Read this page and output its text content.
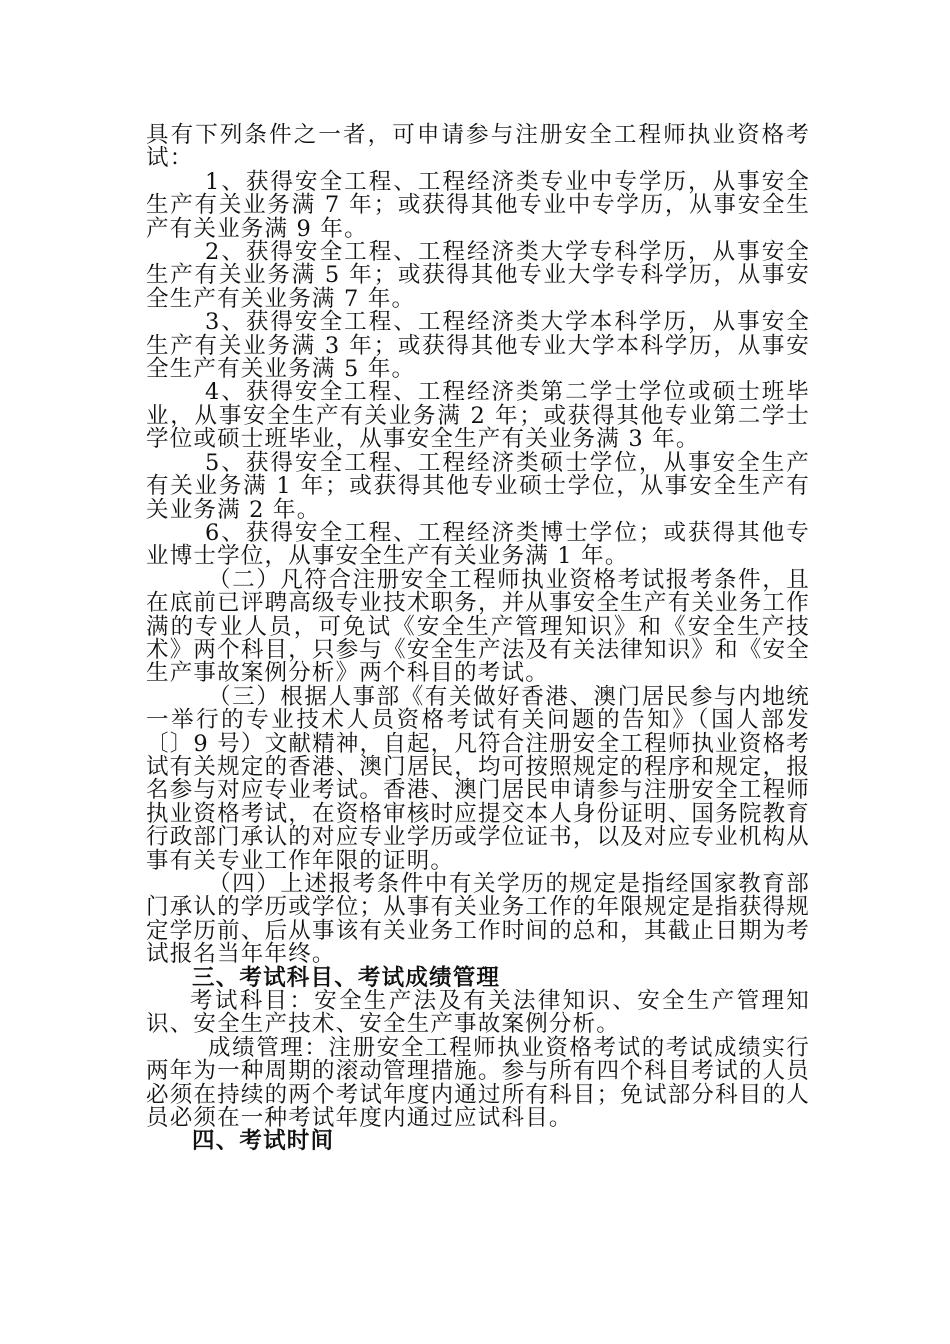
具有下列条件之一者，可申请参与注册安全工程师执业资格考试：

1、获得安全工程、工程经济类专业中专学历，从事安全生产有关业务满 7 年；或获得其他专业中专学历，从事安全生产有关业务满 9 年。

2、获得安全工程、工程经济类大学专科学历，从事安全生产有关业务满 5 年；或获得其他专业大学专科学历，从事安全生产有关业务满 7 年。

3、获得安全工程、工程经济类大学本科学历，从事安全生产有关业务满 3 年；或获得其他专业大学本科学历，从事安全生产有关业务满 5 年。

4、获得安全工程、工程经济类第二学士学位或硕士班毕业，从事安全生产有关业务满 2 年；或获得其他专业第二学士学位或硕士班毕业，从事安全生产有关业务满 3 年。

5、获得安全工程、工程经济类硕士学位，从事安全生产有关业务满 1 年；或获得其他专业硕士学位，从事安全生产有关业务满 2 年。

6、获得安全工程、工程经济类博士学位；或获得其他专业博士学位，从事安全生产有关业务满 1 年。

（二）凡符合注册安全工程师执业资格考试报考条件，且在底前已评聘高级专业技术职务，并从事安全生产有关业务工作满的专业人员，可免试《安全生产管理知识》和《安全生产技术》两个科目，只参与《安全生产法及有关法律知识》和《安全生产事故案例分析》两个科目的考试。

（三）根据人事部《有关做好香港、澳门居民参与内地统一举行的专业技术人员资格考试有关问题的告知》（国人部发〔〕9 号）文献精神，自起，凡符合注册安全工程师执业资格考试有关规定的香港、澳门居民，均可按照规定的程序和规定，报名参与对应专业考试。香港、澳门居民申请参与注册安全工程师执业资格考试，在资格审核时应提交本人身份证明、国务院教育行政部门承认的对应专业学历或学位证书，以及对应专业机构从事有关专业工作年限的证明。

（四）上述报考条件中有关学历的规定是指经国家教育部门承认的学历或学位；从事有关业务工作的年限规定是指获得规定学历前、后从事该有关业务工作时间的总和，其截止日期为考试报名当年年终。

三、考试科目、考试成绩管理

考试科目：安全生产法及有关法律知识、安全生产管理知识、安全生产技术、安全生产事故案例分析。

成绩管理：注册安全工程师执业资格考试的考试成绩实行两年为一种周期的滚动管理措施。参与所有四个科目考试的人员必须在持续的两个考试年度内通过所有科目；免试部分科目的人员必须在一种考试年度内通过应试科目。

四、考试时间
